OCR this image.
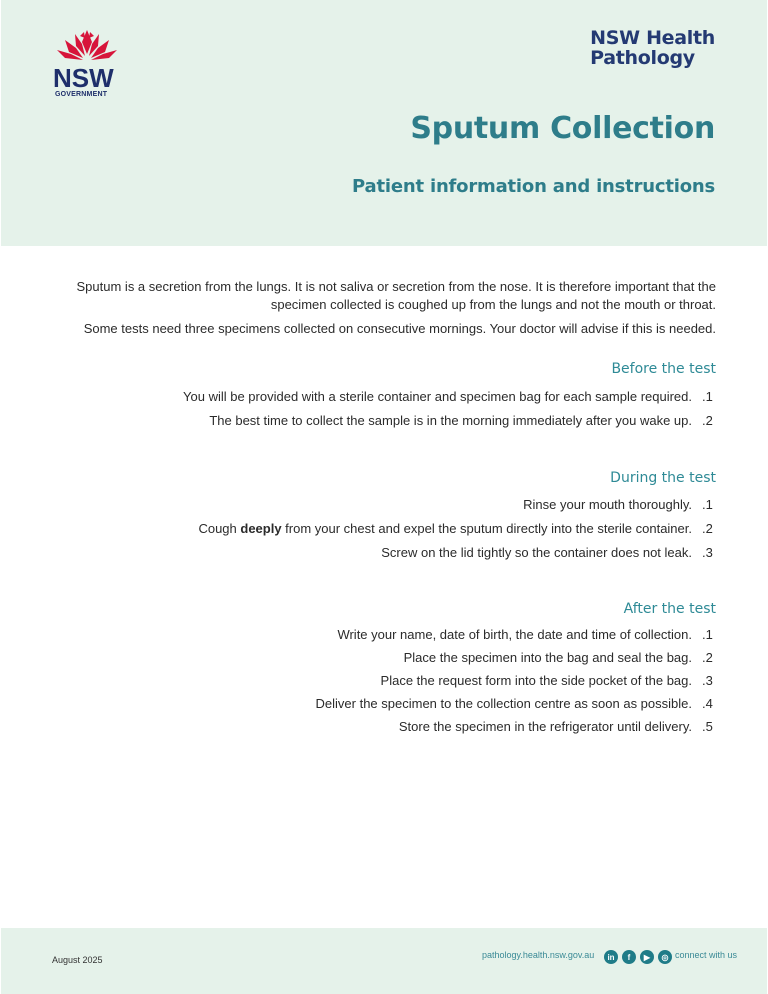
NSW
GOVERNMENT
NSW Health
Pathology
Sputum Collection
Patient information and instructions
Sputum is a secretion from the lungs. It is not saliva or secretion from the nose. It is therefore important that the
specimen collected is coughed up from the lungs and not the mouth or throat.
Some tests need three specimens collected on consecutive mornings. Your doctor will advise if this is needed.
Before the test
You will be provided with a sterile container and specimen bag for each sample required. .1
The best time to collect the sample is in the morning immediately after you wake up. .2
During the test
Rinse your mouth thoroughly. .1
Cough deeply from your chest and expel the sputum directly into the sterile container. .2
Screw on the lid tightly so the container does not leak. .3
After the test
Write your name, date of birth, the date and time of collection. .1
Place the specimen into the bag and seal the bag. .2
Place the request form into the side pocket of the bag. .3
Deliver the specimen to the collection centre as soon as possible. .4
Store the specimen in the refrigerator until delivery. .5
August 2025	pathology.health.nsw.gov.au	in	f	▶	◎ connect with us
